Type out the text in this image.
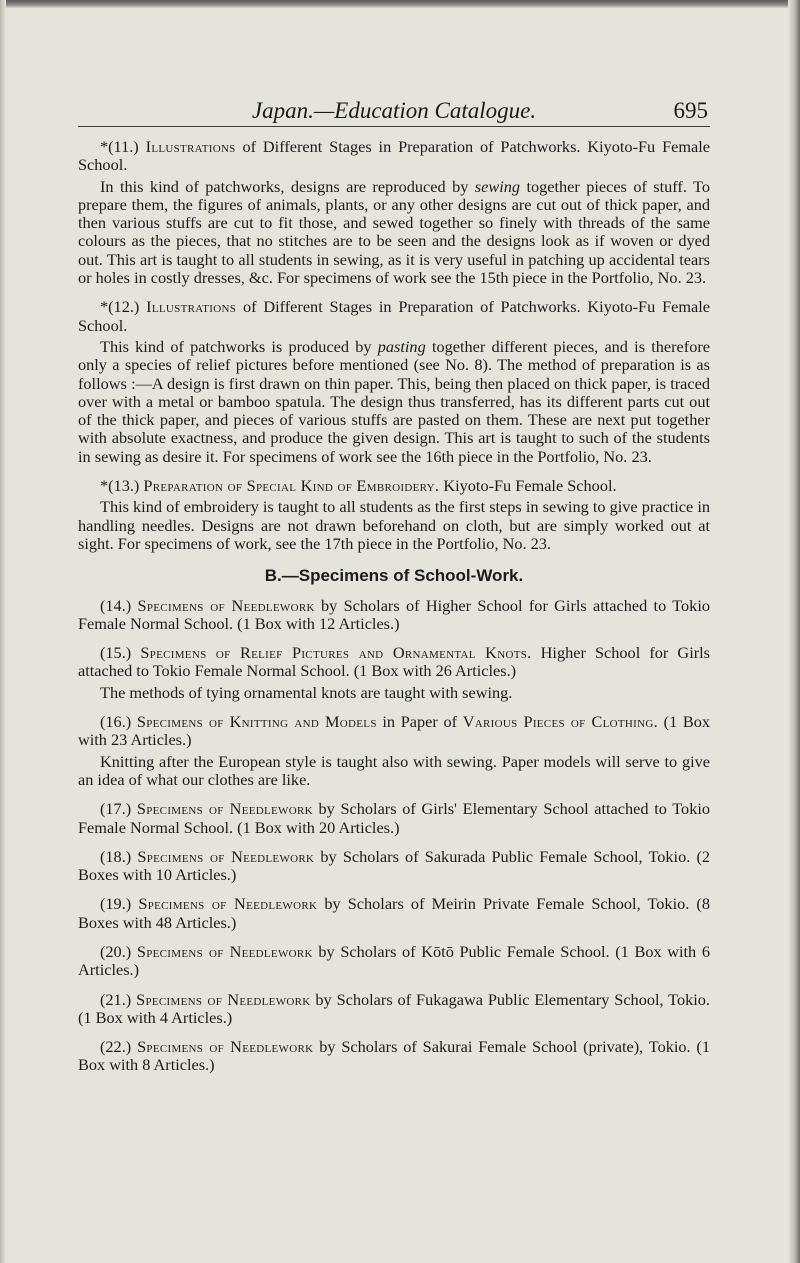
Japan.—Education Catalogue.	695

*(11.) Illustrations of Different Stages in Preparation of Patchworks. Kiyoto-Fu Female School.

In this kind of patchworks, designs are reproduced by sewing together pieces of stuff. To prepare them, the figures of animals, plants, or any other designs are cut out of thick paper, and then various stuffs are cut to fit those, and sewed together so finely with threads of the same colours as the pieces, that no stitches are to be seen and the designs look as if woven or dyed out. This art is taught to all students in sewing, as it is very useful in patching up accidental tears or holes in costly dresses, &c. For specimens of work see the 15th piece in the Portfolio, No. 23.

*(12.) Illustrations of Different Stages in Preparation of Patchworks. Kiyoto-Fu Female School.

This kind of patchworks is produced by pasting together different pieces, and is therefore only a species of relief pictures before mentioned (see No. 8). The method of preparation is as follows :—A design is first drawn on thin paper. This, being then placed on thick paper, is traced over with a metal or bamboo spatula. The design thus transferred, has its different parts cut out of the thick paper, and pieces of various stuffs are pasted on them. These are next put together with absolute exactness, and produce the given design. This art is taught to such of the students in sewing as desire it. For specimens of work see the 16th piece in the Portfolio, No. 23.

*(13.) Preparation of Special Kind of Embroidery. Kiyoto-Fu Female School.

This kind of embroidery is taught to all students as the first steps in sewing to give practice in handling needles. Designs are not drawn beforehand on cloth, but are simply worked out at sight. For specimens of work, see the 17th piece in the Portfolio, No. 23.

B.—Specimens of School-Work.

(14.) Specimens of Needlework by Scholars of Higher School for Girls attached to Tokio Female Normal School. (1 Box with 12 Articles.)

(15.) Specimens of Relief Pictures and Ornamental Knots. Higher School for Girls attached to Tokio Female Normal School. (1 Box with 26 Articles.)

The methods of tying ornamental knots are taught with sewing.

(16.) Specimens of Knitting and Models in Paper of Various Pieces of Clothing. (1 Box with 23 Articles.)

Knitting after the European style is taught also with sewing. Paper models will serve to give an idea of what our clothes are like.

(17.) Specimens of Needlework by Scholars of Girls' Elementary School attached to Tokio Female Normal School. (1 Box with 20 Articles.)

(18.) Specimens of Needlework by Scholars of Sakurada Public Female School, Tokio. (2 Boxes with 10 Articles.)

(19.) Specimens of Needlework by Scholars of Meirin Private Female School, Tokio. (8 Boxes with 48 Articles.)

(20.) Specimens of Needlework by Scholars of Kōtō Public Female School. (1 Box with 6 Articles.)

(21.) Specimens of Needlework by Scholars of Fukagawa Public Elementary School, Tokio. (1 Box with 4 Articles.)

(22.) Specimens of Needlework by Scholars of Sakurai Female School (private), Tokio. (1 Box with 8 Articles.)
